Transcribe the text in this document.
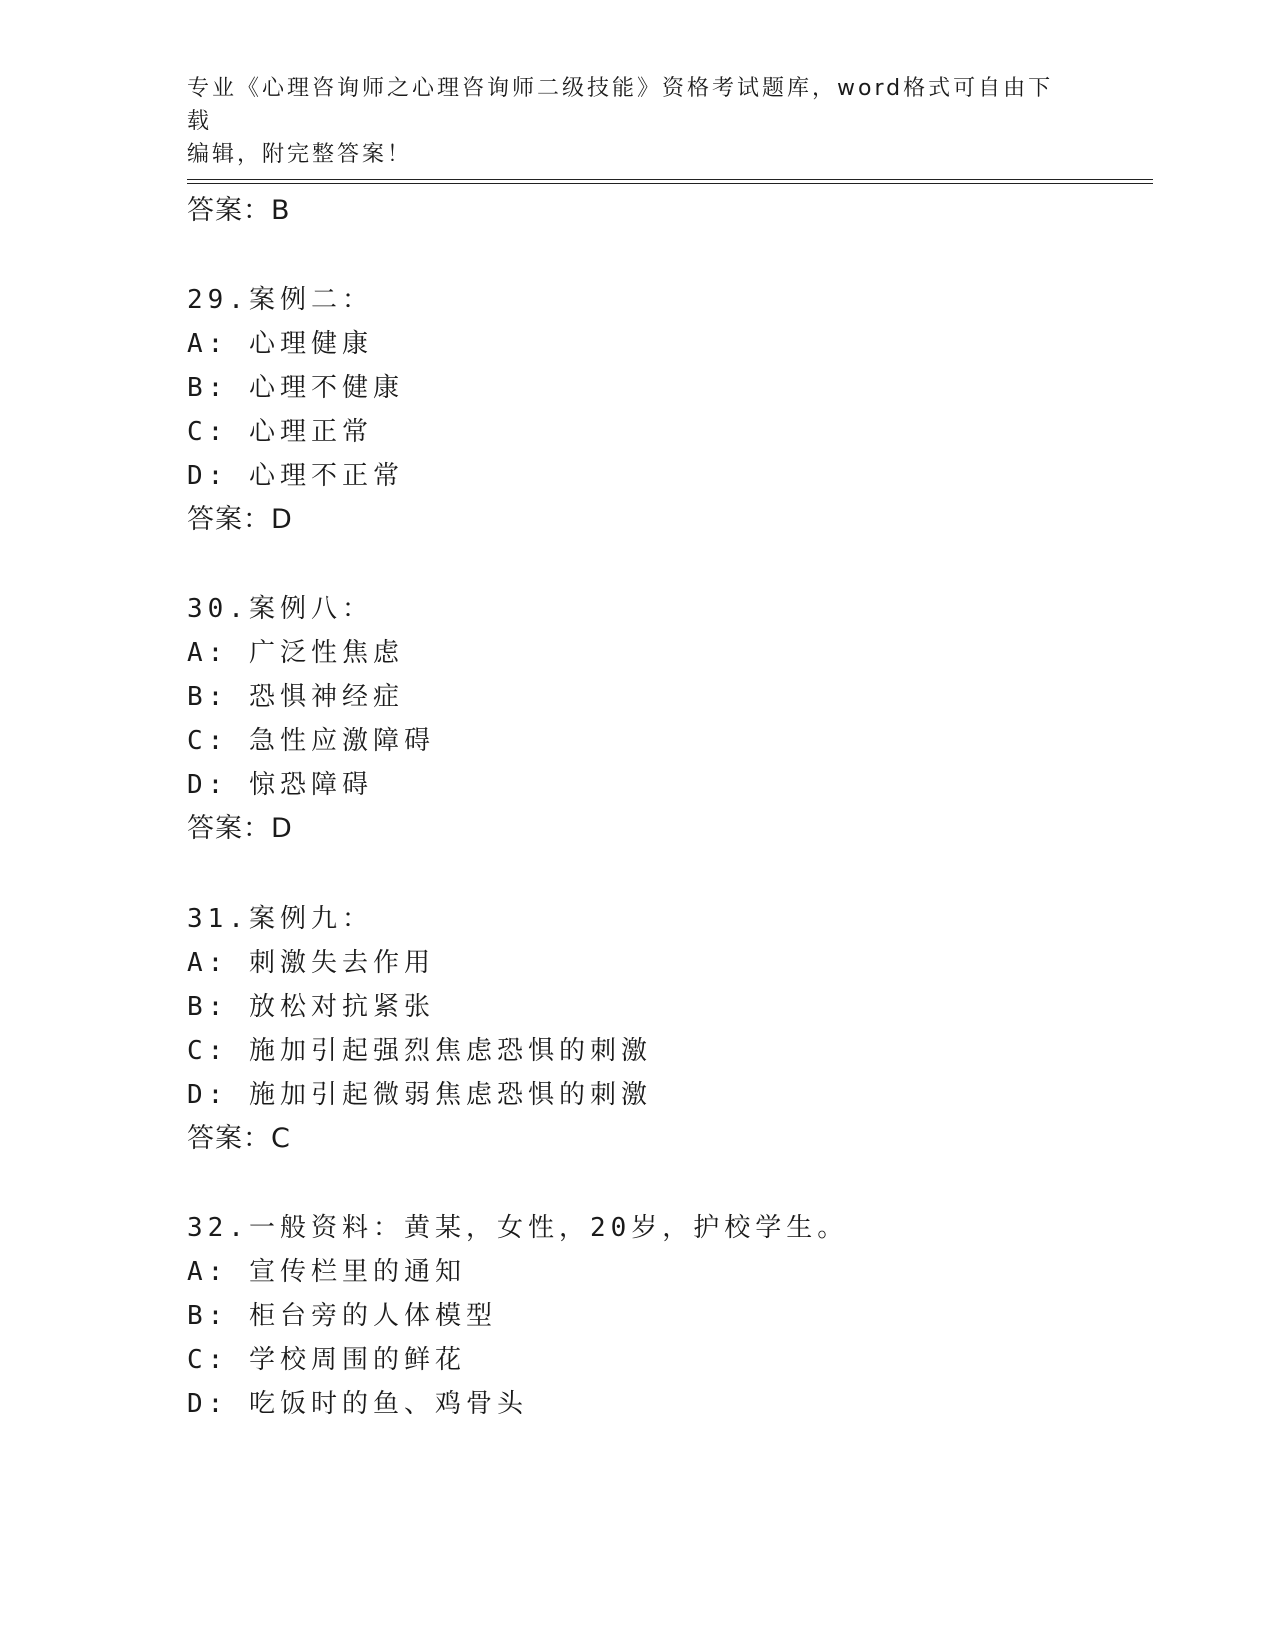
专业《心理咨询师之心理咨询师二级技能》资格考试题库，word格式可自由下载
编辑，附完整答案！
答案：B
29.案例二：
A: 心理健康
B: 心理不健康
C: 心理正常
D: 心理不正常
答案：D
30.案例八：
A: 广泛性焦虑
B: 恐惧神经症
C: 急性应激障碍
D: 惊恐障碍
答案：D
31.案例九：
A: 刺激失去作用
B: 放松对抗紧张
C: 施加引起强烈焦虑恐惧的刺激
D: 施加引起微弱焦虑恐惧的刺激
答案：C
32.一般资料：黄某，女性，20岁，护校学生。
A: 宣传栏里的通知
B: 柜台旁的人体模型
C: 学校周围的鲜花
D: 吃饭时的鱼、鸡骨头
